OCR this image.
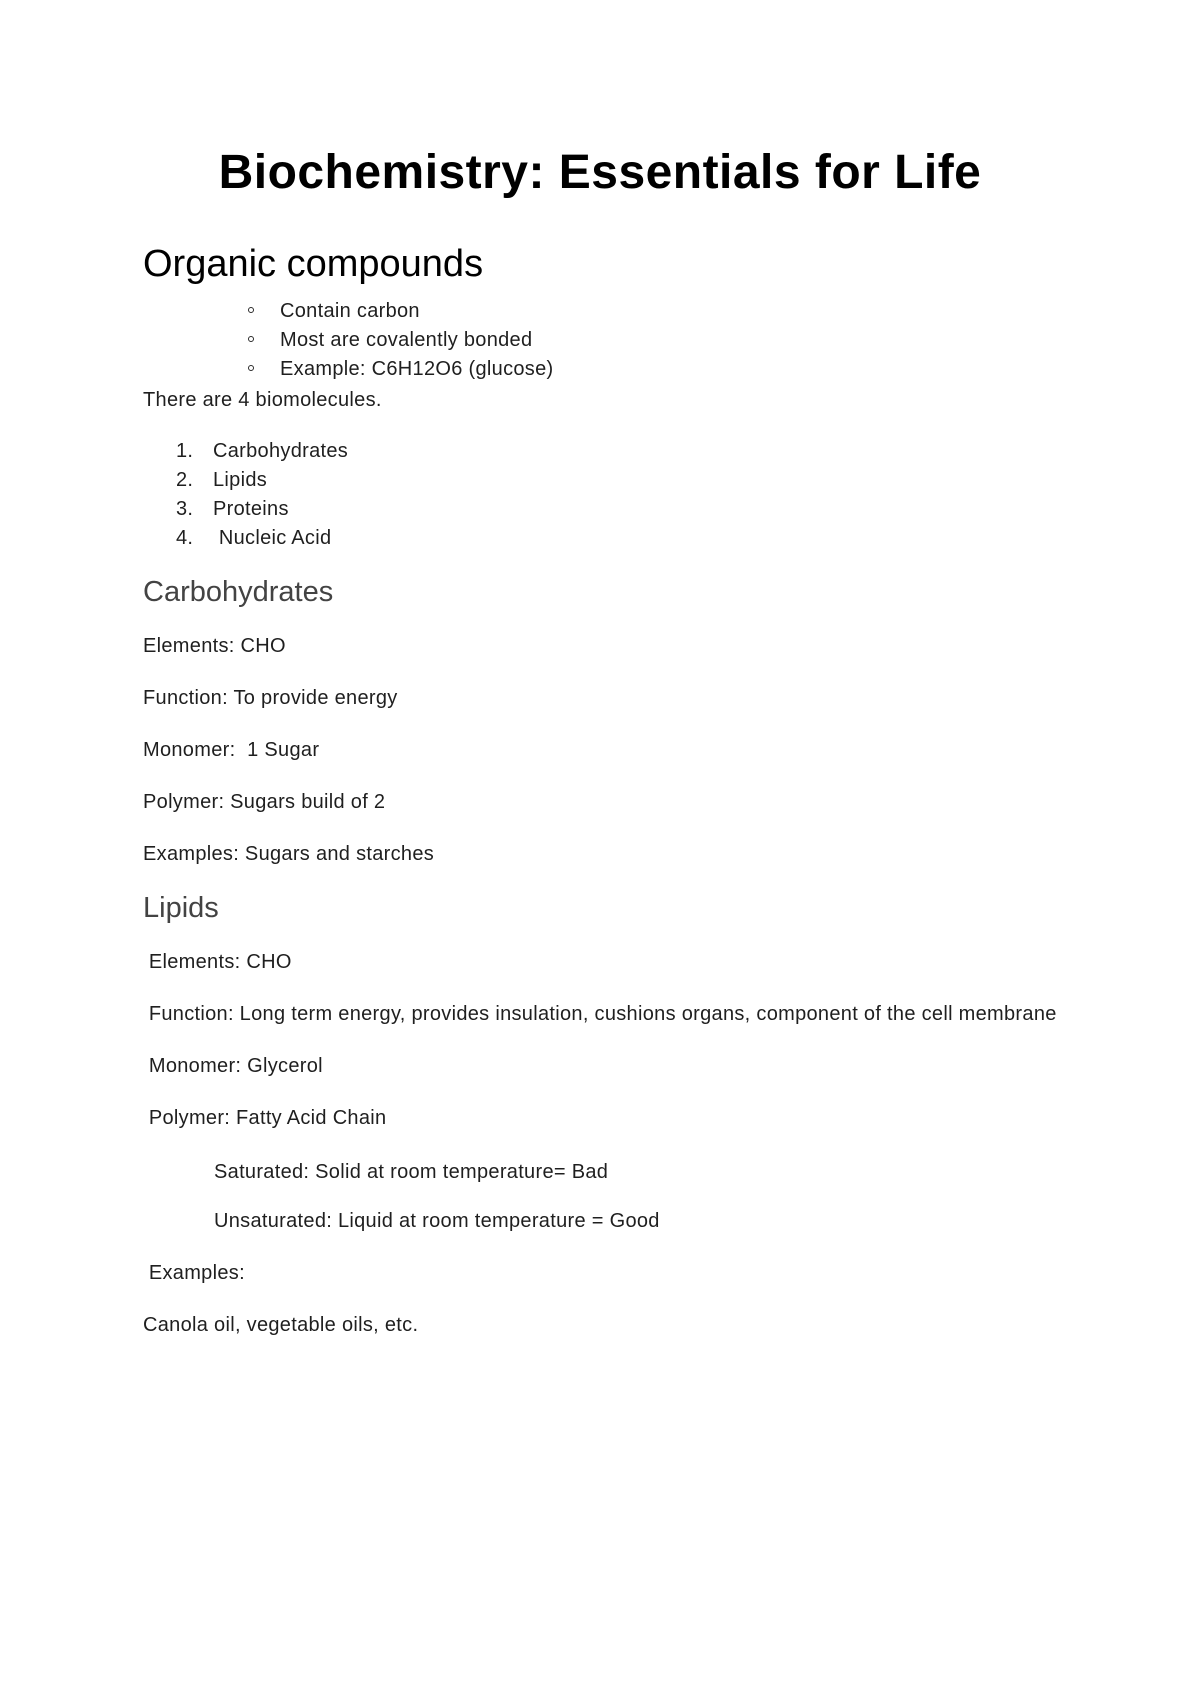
Biochemistry: Essentials for Life
Organic compounds
Contain carbon
Most are covalently bonded
Example: C6H12O6 (glucose)
There are 4 biomolecules.
1. Carbohydrates
2. Lipids
3. Proteins
4. Nucleic Acid
Carbohydrates
Elements: CHO
Function: To provide energy
Monomer:  1 Sugar
Polymer: Sugars build of 2
Examples: Sugars and starches
Lipids
Elements: CHO
Function: Long term energy, provides insulation, cushions organs, component of the cell membrane
Monomer: Glycerol
Polymer: Fatty Acid Chain
Saturated: Solid at room temperature= Bad
Unsaturated: Liquid at room temperature = Good
Examples:
Canola oil, vegetable oils, etc.
